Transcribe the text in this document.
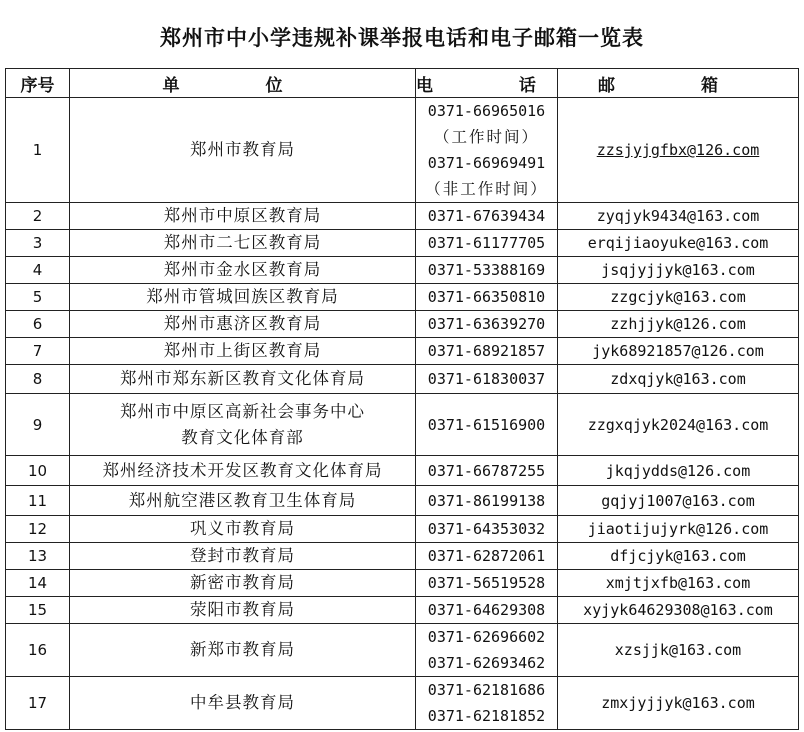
郑州市中小学违规补课举报电话和电子邮箱一览表
序号	单 位	电 话	邮 箱
1	郑州市教育局	0371-66965016
（工作时间）
0371-66969491
（非工作时间）	zzsjyjgfbx@126.com
2	郑州市中原区教育局	0371-67639434	zyqjyk9434@163.com
3	郑州市二七区教育局	0371-61177705	erqijiaoyuke@163.com
4	郑州市金水区教育局	0371-53388169	jsqjyjjyk@163.com
5	郑州市管城回族区教育局	0371-66350810	zzgcjyk@163.com
6	郑州市惠济区教育局	0371-63639270	zzhjjyk@126.com
7	郑州市上街区教育局	0371-68921857	jyk68921857@126.com
8	郑州市郑东新区教育文化体育局	0371-61830037	zdxqjyk@163.com
9	郑州市中原区高新社会事务中心
教育文化体育部	0371-61516900	zzgxqjyk2024@163.com
10	郑州经济技术开发区教育文化体育局	0371-66787255	jkqjydds@126.com
11	郑州航空港区教育卫生体育局	0371-86199138	gqjyj1007@163.com
12	巩义市教育局	0371-64353032	jiaotijujyrk@126.com
13	登封市教育局	0371-62872061	dfjcjyk@163.com
14	新密市教育局	0371-56519528	xmjtjxfb@163.com
15	荥阳市教育局	0371-64629308	xyjyk64629308@163.com
16	新郑市教育局	0371-62696602
0371-62693462	xzsjjk@163.com
17	中牟县教育局	0371-62181686
0371-62181852	zmxjyjjyk@163.com
